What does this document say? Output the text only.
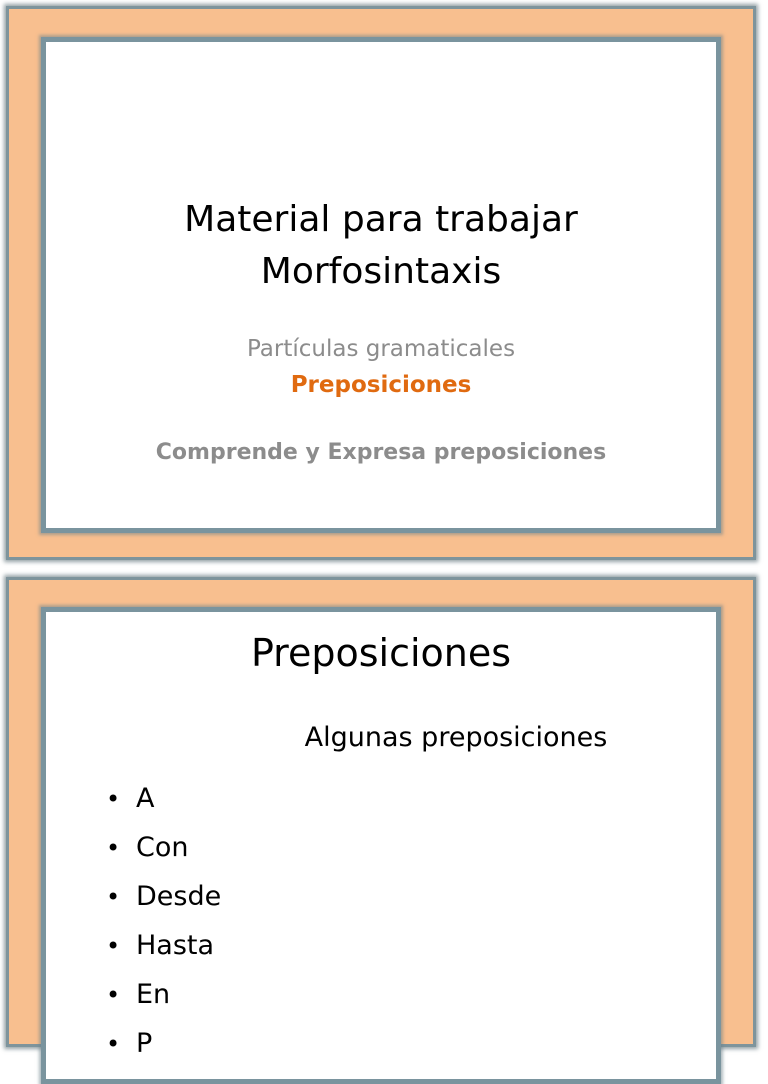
Material para trabajar
Morfosintaxis
Partículas gramaticales
Preposiciones
Comprende y Expresa preposiciones
Preposiciones
Algunas preposiciones
• A
• Con
• Desde
• Hasta
• En
• P
